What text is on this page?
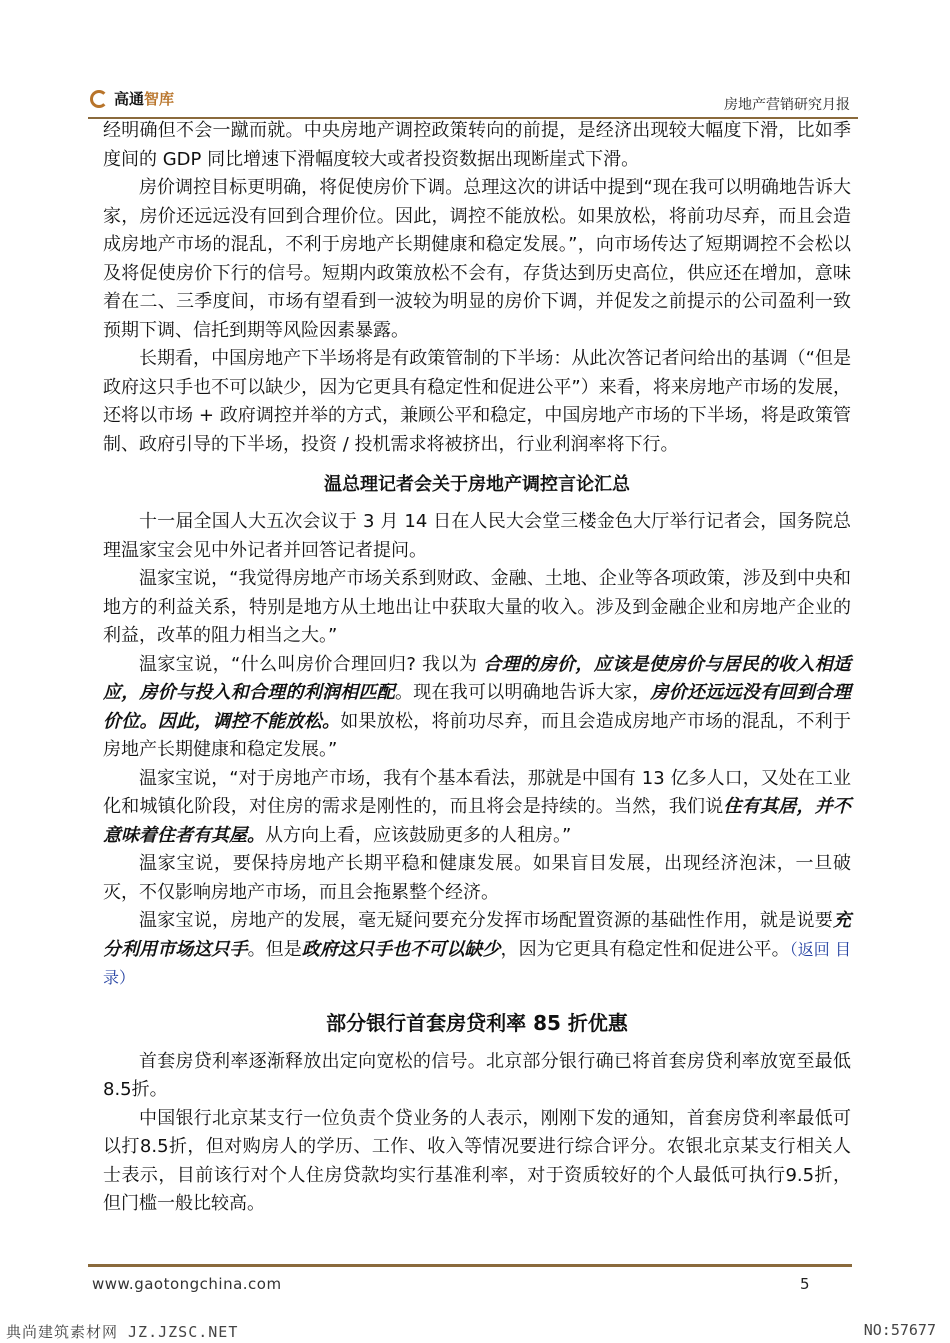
高通智库	房地产营销研究月报

经明确但不会一蹴而就。中央房地产调控政策转向的前提，是经济出现较大幅度下滑，比如季度间的 GDP 同比增速下滑幅度较大或者投资数据出现断崖式下滑。

房价调控目标更明确，将促使房价下调。总理这次的讲话中提到“现在我可以明确地告诉大家，房价还远远没有回到合理价位。因此，调控不能放松。如果放松，将前功尽弃，而且会造成房地产市场的混乱，不利于房地产长期健康和稳定发展。”，向市场传达了短期调控不会松以及将促使房价下行的信号。短期内政策放松不会有，存货达到历史高位，供应还在增加，意味着在二、三季度间，市场有望看到一波较为明显的房价下调，并促发之前提示的公司盈利一致预期下调、信托到期等风险因素暴露。

长期看，中国房地产下半场将是有政策管制的下半场：从此次答记者问给出的基调（“但是政府这只手也不可以缺少，因为它更具有稳定性和促进公平”）来看，将来房地产市场的发展，还将以市场 + 政府调控并举的方式，兼顾公平和稳定，中国房地产市场的下半场，将是政策管制、政府引导的下半场，投资 / 投机需求将被挤出，行业利润率将下行。

温总理记者会关于房地产调控言论汇总

十一届全国人大五次会议于 3 月 14 日在人民大会堂三楼金色大厅举行记者会，国务院总理温家宝会见中外记者并回答记者提问。

温家宝说，“我觉得房地产市场关系到财政、金融、土地、企业等各项政策，涉及到中央和地方的利益关系，特别是地方从土地出让中获取大量的收入。涉及到金融企业和房地产企业的利益，改革的阻力相当之大。”

温家宝说，“什么叫房价合理回归? 我以为 合理的房价，应该是使房价与居民的收入相适应，房价与投入和合理的利润相匹配。现在我可以明确地告诉大家，房价还远远没有回到合理价位。因此，调控不能放松。如果放松，将前功尽弃，而且会造成房地产市场的混乱，不利于房地产长期健康和稳定发展。”

温家宝说，“对于房地产市场，我有个基本看法，那就是中国有 13 亿多人口，又处在工业化和城镇化阶段，对住房的需求是刚性的，而且将会是持续的。当然，我们说住有其居，并不意味着住者有其屋。从方向上看，应该鼓励更多的人租房。”

温家宝说，要保持房地产长期平稳和健康发展。如果盲目发展，出现经济泡沫，一旦破灭，不仅影响房地产市场，而且会拖累整个经济。

温家宝说，房地产的发展，毫无疑问要充分发挥市场配置资源的基础性作用，就是说要充分利用市场这只手。但是政府这只手也不可以缺少，因为它更具有稳定性和促进公平。（返回 目录）

部分银行首套房贷利率 85 折优惠

首套房贷利率逐渐释放出定向宽松的信号。北京部分银行确已将首套房贷利率放宽至最低8.5折。

中国银行北京某支行一位负责个贷业务的人表示，刚刚下发的通知，首套房贷利率最低可以打8.5折，但对购房人的学历、工作、收入等情况要进行综合评分。农银北京某支行相关人士表示，目前该行对个人住房贷款均实行基准利率，对于资质较好的个人最低可执行9.5折，但门槛一般比较高。

www.gaotongchina.com	5
典尚建筑素材网 JZ.JZSC.NET	NO:57677
